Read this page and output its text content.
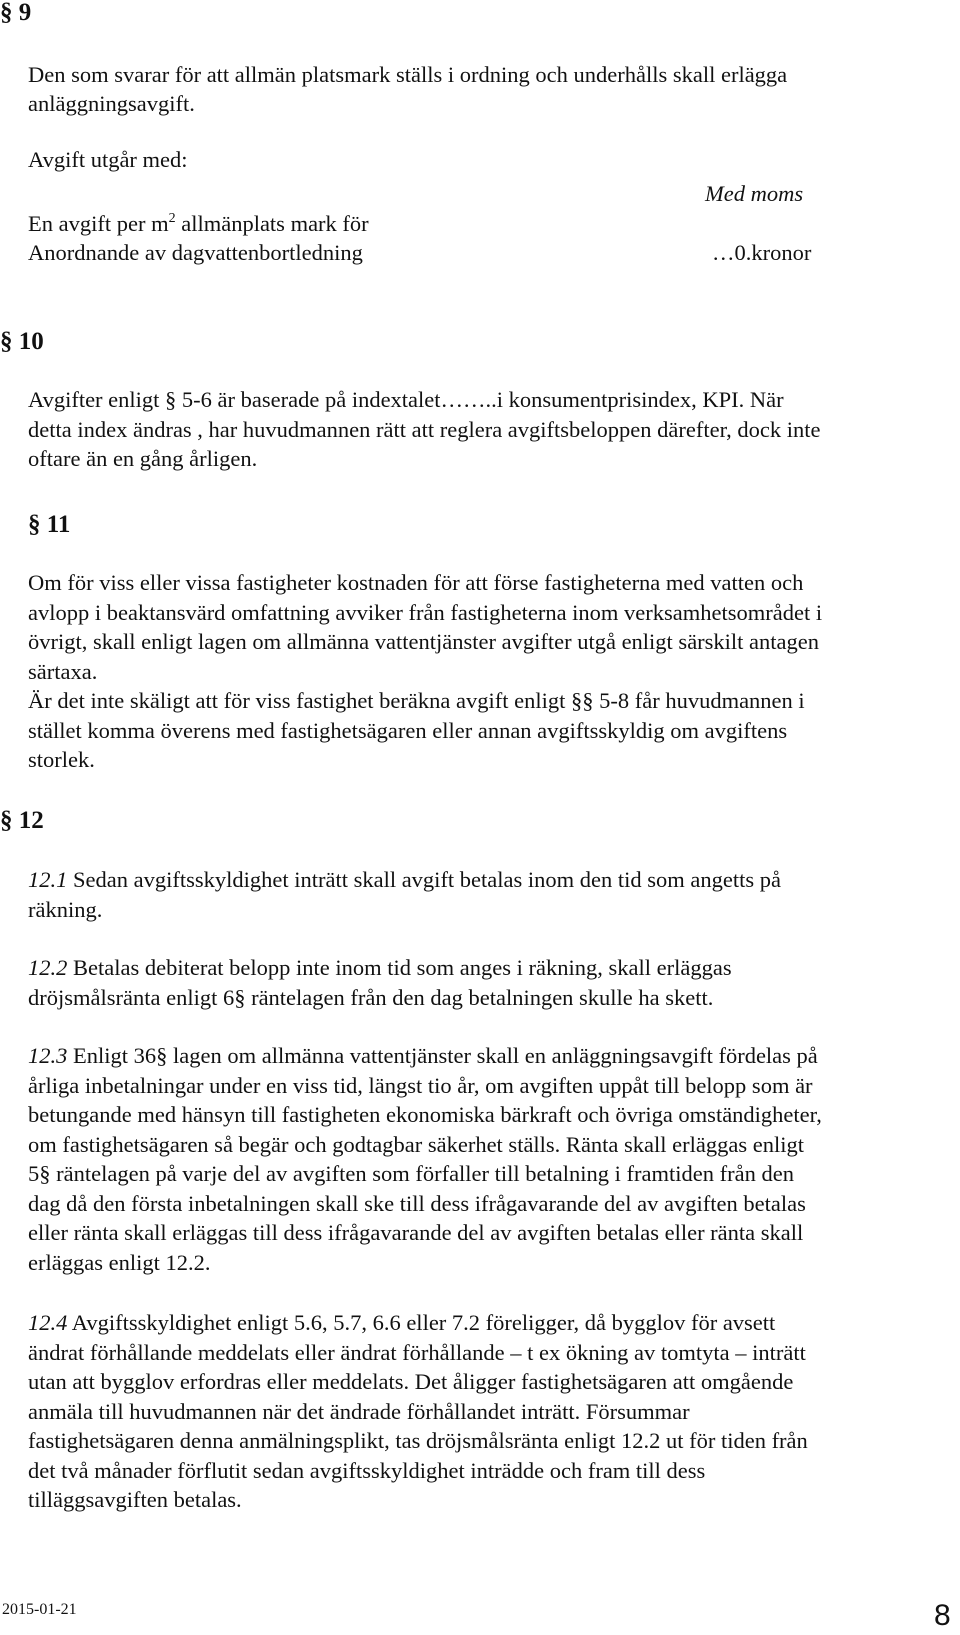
§ 9

Den som svarar för att allmän platsmark ställs i ordning och underhålls skall erlägga

anläggningsavgift.

Avgift utgår med:

Med moms

En avgift per $m^2$ allmänplats mark för

Anordnande av dagvattenbortledning	…0.kronor

§ 10

Avgifter enligt § 5-6 är baserade på indextalet……..i konsumentprisindex, KPI. När

detta index ändras , har huvudmannen rätt att reglera avgiftsbeloppen därefter, dock inte

oftare än en gång årligen.

§ 11

Om för viss eller vissa fastigheter kostnaden för att förse fastigheterna med vatten och

avlopp i beaktansvärd omfattning avviker från fastigheterna inom verksamhetsområdet i

övrigt, skall enligt lagen om allmänna vattentjänster avgifter utgå enligt särskilt antagen

särtaxa.

Är det inte skäligt att för viss fastighet beräkna avgift enligt §§ 5-8 får huvudmannen i

stället komma överens med fastighetsägaren eller annan avgiftsskyldig om avgiftens

storlek.

§ 12

12.1 Sedan avgiftsskyldighet inträtt skall avgift betalas inom den tid som angetts på

räkning.

12.2 Betalas debiterat belopp inte inom tid som anges i räkning, skall erläggas

dröjsmålsränta enligt 6§ räntelagen från den dag betalningen skulle ha skett.

12.3 Enligt 36§ lagen om allmänna vattentjänster skall en anläggningsavgift fördelas på

årliga inbetalningar under en viss tid, längst tio år, om avgiften uppåt till belopp som är

betungande med hänsyn till fastigheten ekonomiska bärkraft och övriga omständigheter,

om fastighetsägaren så begär och godtagbar säkerhet ställs. Ränta skall erläggas enligt

5§ räntelagen på varje del av avgiften som förfaller till betalning i framtiden från den

dag då den första inbetalningen skall ske till dess ifrågavarande del av avgiften betalas

eller ränta skall erläggas till dess ifrågavarande del av avgiften betalas eller ränta skall

erläggas enligt 12.2.

12.4 Avgiftsskyldighet enligt 5.6, 5.7, 6.6 eller 7.2 föreligger, då bygglov för avsett

ändrat förhållande meddelats eller ändrat förhållande – t ex ökning av tomtyta – inträtt

utan att bygglov erfordras eller meddelats. Det åligger fastighetsägaren att omgående

anmäla till huvudmannen när det ändrade förhållandet inträtt. Försummar

fastighetsägaren denna anmälningsplikt, tas dröjsmålsränta enligt 12.2 ut för tiden från

det två månader förflutit sedan avgiftsskyldighet inträdde och fram till dess

tilläggsavgiften betalas.

2015-01-21	8
